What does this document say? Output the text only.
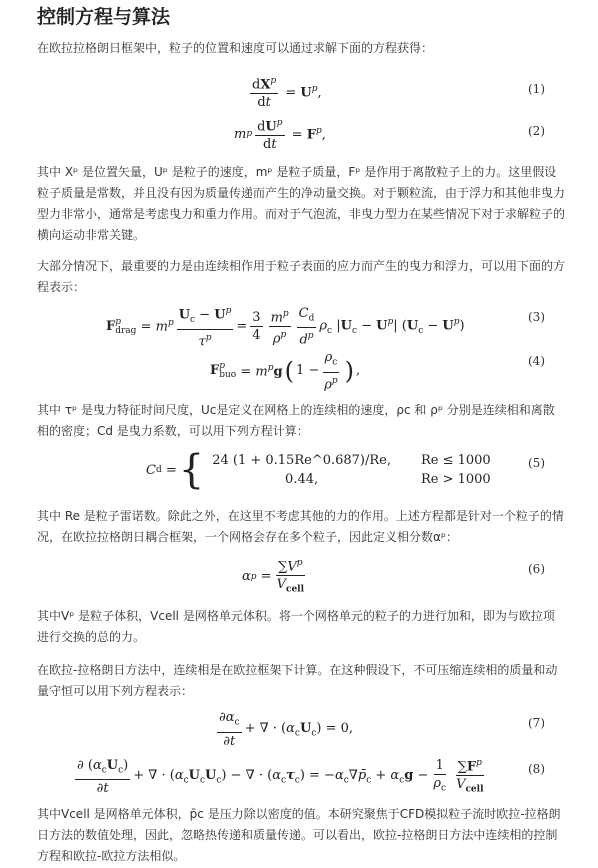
控制方程与算法

在欧拉拉格朗日框架中，粒子的位置和速度可以通过求解下面的方程获得：

$\frac{dX^p}{dt} = U^p$,	(1)
m p $\frac{dU^p}{dt} = F^p$,	(2)

其中 Xᵖ 是位置矢量，Uᵖ 是粒子的速度，mᵖ 是粒子质量，Fᵖ 是作用于离散粒子上的力。这里假设粒子质量是常数，并且没有因为质量传递而产生的净动量交换。对于颗粒流，由于浮力和其他非曳力型力非常小，通常是考虑曳力和重力作用。而对于气泡流，非曳力型力在某些情况下对于求解粒子的横向运动非常关键。

大部分情况下，最重要的力是由连续相作用于粒子表面的应力而产生的曳力和浮力，可以用下面的方程表示：

F p
drag = $m^p \frac{U_c - U^p}{\tau^p} = \frac{3}{4} \frac{m^p}{\rho^p} \frac{C_d}{d^p} \rho_c$ $|U_c - U^p|$ $(U_c - U^p)$
(3)
F p
buo = $m^pg$ ( $1 - \frac{\rho_c}{\rho^p}$ ) ,
(4)

其中 τᵖ 是曳力特征时间尺度，Uc是定义在网格上的连续相的速度，ρc 和 ρᵖ 分别是连续相和离散相的密度；Cd 是曳力系数，可以用下列方程计算：

C d = { 24 (1 + 0.15Re^0.687)/Re, Re ≤ 1000
0.44,	Re > 1000
(5)

其中 Re 是粒子雷诺数。除此之外，在这里不考虑其他的力的作用。上述方程都是针对一个粒子的情况，在欧拉拉格朗日耦合框架，一个网格会存在多个粒子，因此定义相分数αᵖ：

α $p = \frac{\sum V^p}{V_{cell}}$	(6)

其中Vᵖ 是粒子体积，Vcell 是网格单元体积。将一个网格单元的粒子的力进行加和，即为与欧拉项进行交换的总的力。

在欧拉-拉格朗日方法中，连续相是在欧拉框架下计算。在这种假设下，不可压缩连续相的质量和动量守恒可以用下列方程表示：

$\frac{\partial\alpha_c}{\partial t}$ + ∇ · $(\alpha_cU_c) = 0$,	(7)
$\frac{\partial (\alpha_cU_c)}{\partial t}$ + ∇ · $(\alpha_cU_cU_c)$ − ∇ · $(\alpha_c\tau_c)$ = $-\alpha_c\nabla p̄_c + \alpha_cg - \frac{1}{\rho_c} \frac{\sum F^p}{V_{cell}}$	(8)

其中Vcell 是网格单元体积，p̄c 是压力除以密度的值。本研究聚焦于CFD模拟粒子流时欧拉-拉格朗日方法的数值处理，因此，忽略热传递和质量传递。可以看出，欧拉-拉格朗日方法中连续相的控制方程和欧拉-欧拉方法相似。
